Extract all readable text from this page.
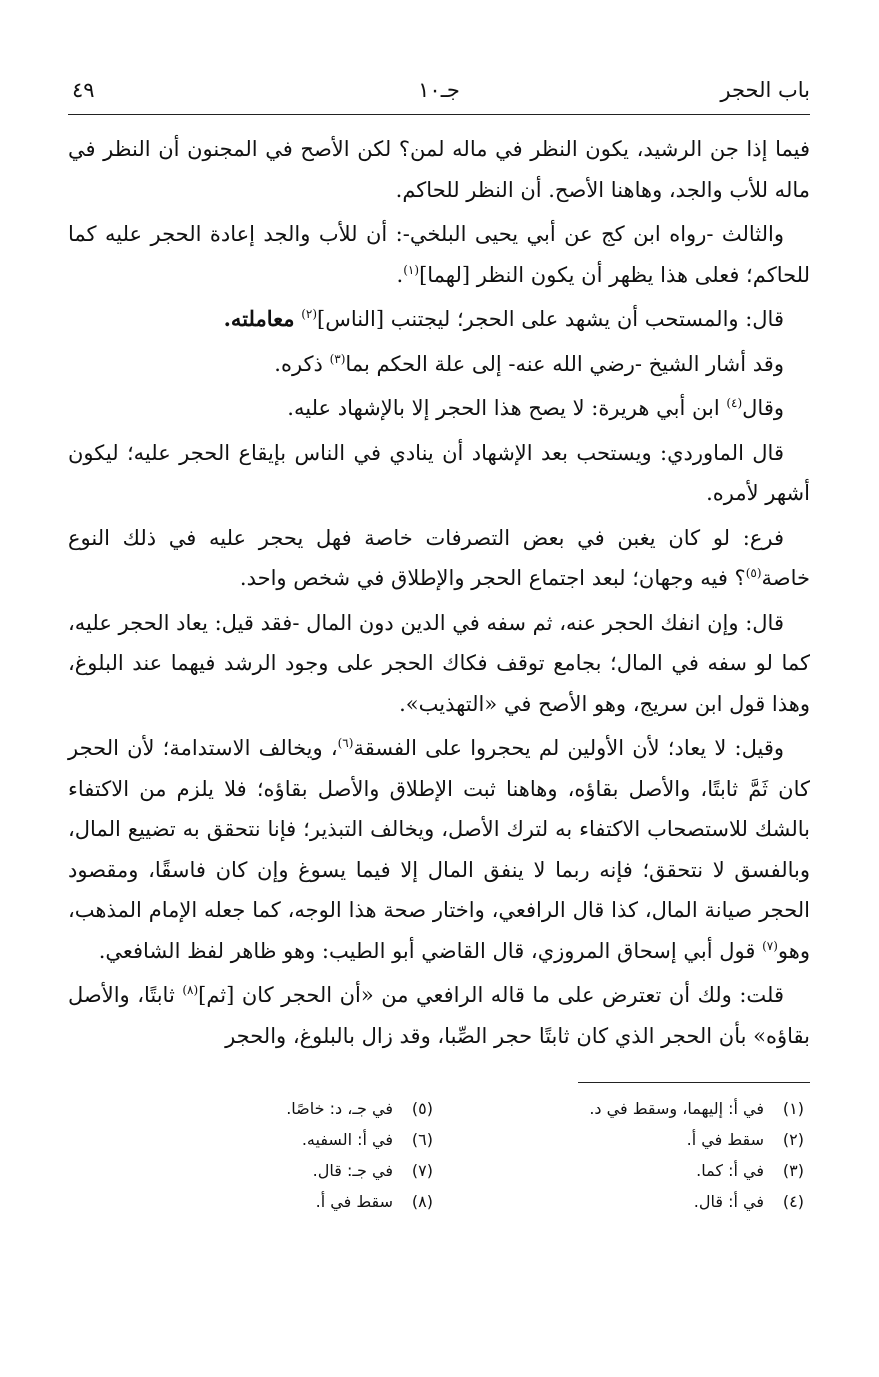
باب الحجر
جـ١٠
٤٩

فيما إذا جن الرشيد، يكون النظر في ماله لمن؟ لكن الأصح في المجنون أن النظر في ماله للأب والجد، وهاهنا الأصح. أن النظر للحاكم.

والثالث -رواه ابن كج عن أبي يحيى البلخي-: أن للأب والجد إعادة الحجر عليه كما للحاكم؛ فعلى هذا يظهر أن يكون النظر [لهما]$^{(١)}$.

قال: والمستحب أن يشهد على الحجر؛ ليجتنب [الناس]$^{(٢)}$ معاملته.

وقد أشار الشيخ -رضي الله عنه- إلى علة الحكم بما$^{(٣)}$ ذكره.

وقال$^{(٤)}$ ابن أبي هريرة: لا يصح هذا الحجر إلا بالإشهاد عليه.

قال الماوردي: ويستحب بعد الإشهاد أن ينادي في الناس بإيقاع الحجر عليه؛ ليكون أشهر لأمره.

فرع: لو كان يغبن في بعض التصرفات خاصة فهل يحجر عليه في ذلك النوع خاصة$^{(٥)}$؟ فيه وجهان؛ لبعد اجتماع الحجر والإطلاق في شخص واحد.

قال: وإن انفك الحجر عنه، ثم سفه في الدين دون المال -فقد قيل: يعاد الحجر عليه، كما لو سفه في المال؛ بجامع توقف فكاك الحجر على وجود الرشد فيهما عند البلوغ، وهذا قول ابن سريج، وهو الأصح في «التهذيب».

وقيل: لا يعاد؛ لأن الأولين لم يحجروا على الفسقة$^{(٦)}$، ويخالف الاستدامة؛ لأن الحجر كان ثَمَّ ثابتًا، والأصل بقاؤه، وهاهنا ثبت الإطلاق والأصل بقاؤه؛ فلا يلزم من الاكتفاء بالشك للاستصحاب الاكتفاء به لترك الأصل، ويخالف التبذير؛ فإنا نتحقق به تضييع المال، وبالفسق لا نتحقق؛ فإنه ربما لا ينفق المال إلا فيما يسوغ وإن كان فاسقًا، ومقصود الحجر صيانة المال، كذا قال الرافعي، واختار صحة هذا الوجه، كما جعله الإمام المذهب، وهو$^{(٧)}$ قول أبي إسحاق المروزي، قال القاضي أبو الطيب: وهو ظاهر لفظ الشافعي.

قلت: ولك أن تعترض على ما قاله الرافعي من «أن الحجر كان [ثم]$^{(٨)}$ ثابتًا، والأصل بقاؤه» بأن الحجر الذي كان ثابتًا حجر الصِّبا، وقد زال بالبلوغ، والحجر

(١)في أ: إليهما، وسقط في د.
(٢)سقط في أ.
(٣)في أ: كما.
(٤)في أ: قال.
(٥)في جـ، د: خاصًا.
(٦)في أ: السفيه.
(٧)في جـ: قال.
(٨)سقط في أ.
